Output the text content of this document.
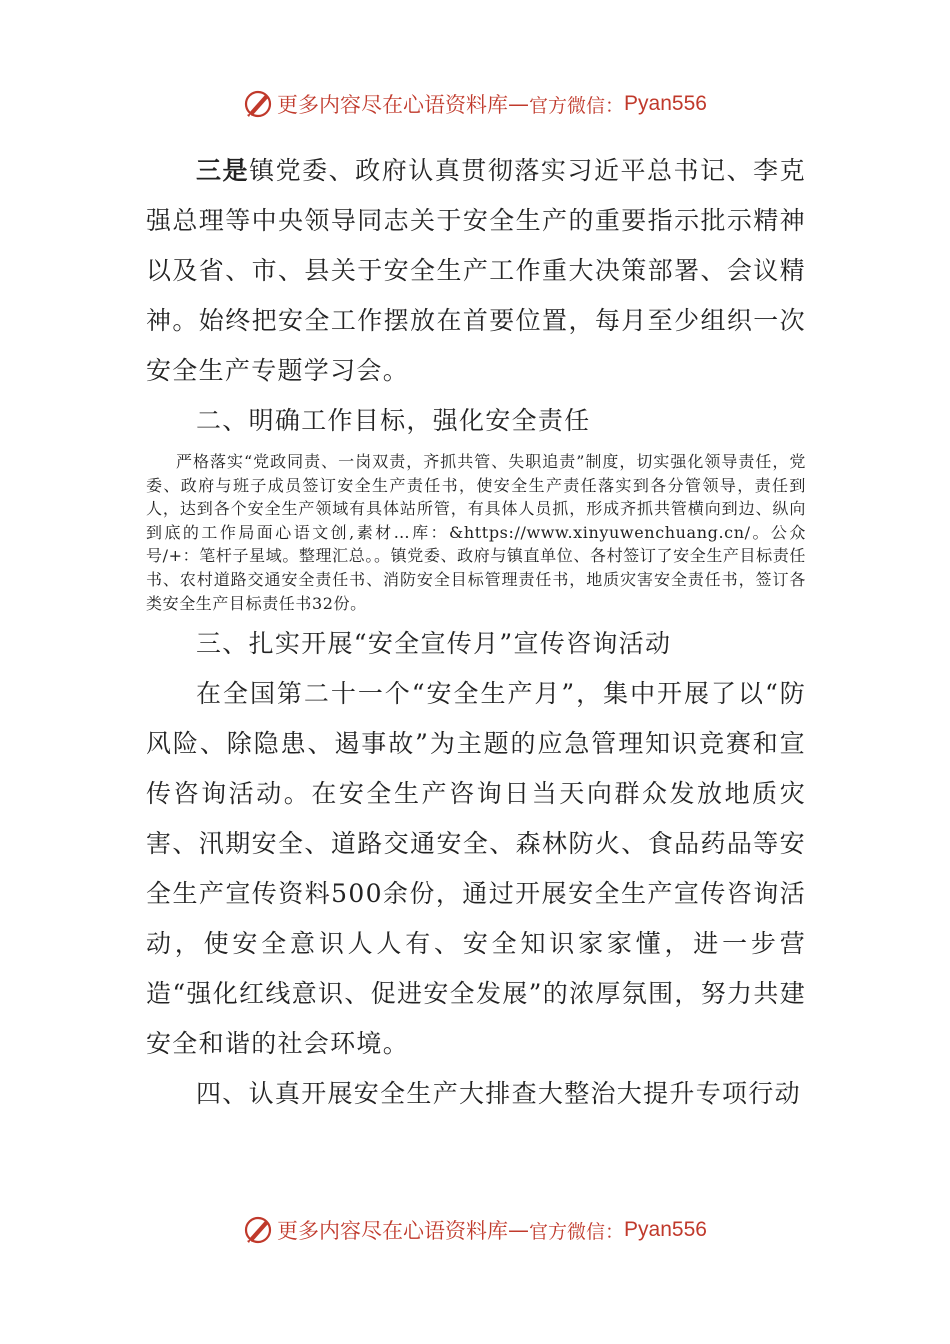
更多内容尽在心语资料库 — 官方微信： Pyan556

三是镇党委、政府认真贯彻落实习近平总书记、李克强总理等中央领导同志关于安全生产的重要指示批示精神以及省、市、县关于安全生产工作重大决策部署、会议精神。始终把安全工作摆放在首要位置，每月至少组织一次安全生产专题学习会。

二、明确工作目标，强化安全责任

严格落实“党政同责、一岗双责，齐抓共管、失职追责”制度，切实强化领导责任，党委、政府与班子成员签订安全生产责任书，使安全生产责任落实到各分管领导，责任到人，达到各个安全生产领域有具体站所管，有具体人员抓，形成齐抓共管横向到边、纵向到底的工作局面心语文创,素材…库：&https://www.xinyuwenchuang.cn/。公众号/+：笔杆子星域。整理汇总。。镇党委、政府与镇直单位、各村签订了安全生产目标责任书、农村道路交通安全责任书、消防安全目标管理责任书，地质灾害安全责任书，签订各类安全生产目标责任书32份。

三、扎实开展“安全宣传月”宣传咨询活动

在全国第二十一个“安全生产月”，集中开展了以“防风险、除隐患、遏事故”为主题的应急管理知识竞赛和宣传咨询活动。在安全生产咨询日当天向群众发放地质灾害、汛期安全、道路交通安全、森林防火、食品药品等安全生产宣传资料500余份，通过开展安全生产宣传咨询活动，使安全意识人人有、安全知识家家懂，进一步营造“强化红线意识、促进安全发展”的浓厚氛围，努力共建安全和谐的社会环境。

四、认真开展安全生产大排查大整治大提升专项行动

更多内容尽在心语资料库 — 官方微信： Pyan556
